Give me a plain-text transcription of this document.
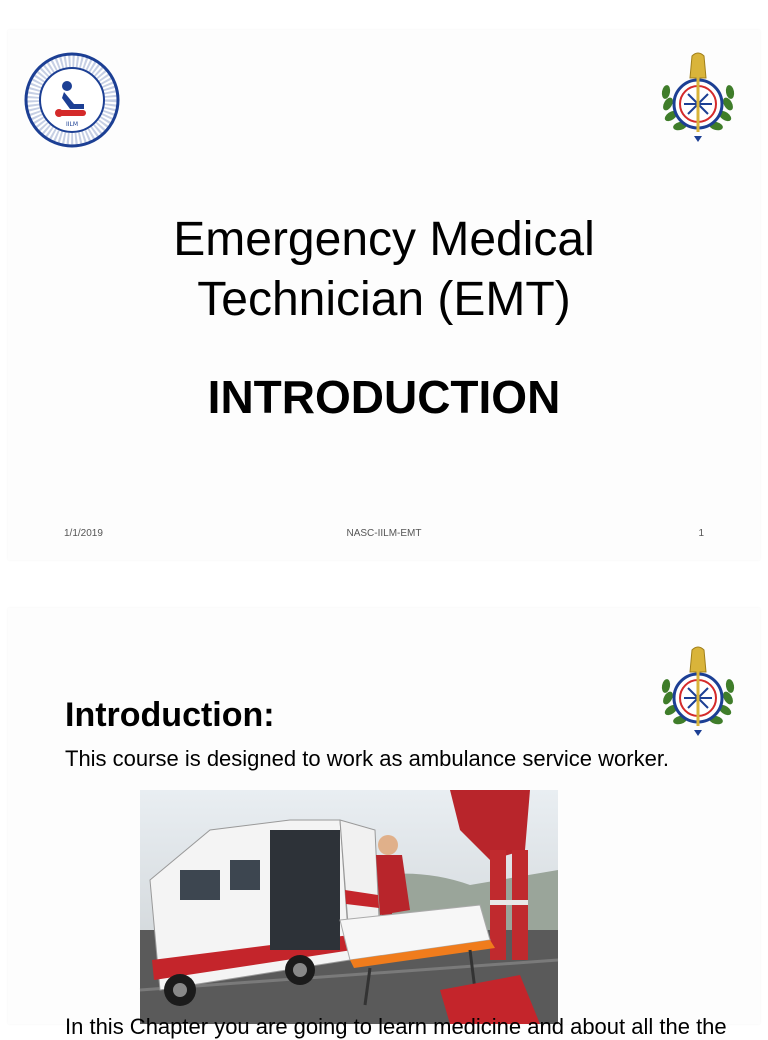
IILM
Emergency Medical
Technician (EMT)
INTRODUCTION
1/1/2019	NASC-IILM-EMT	1
Introduction:

This course is designed to work as ambulance service worker.

In this Chapter you are going to learn medicine and about all the the
